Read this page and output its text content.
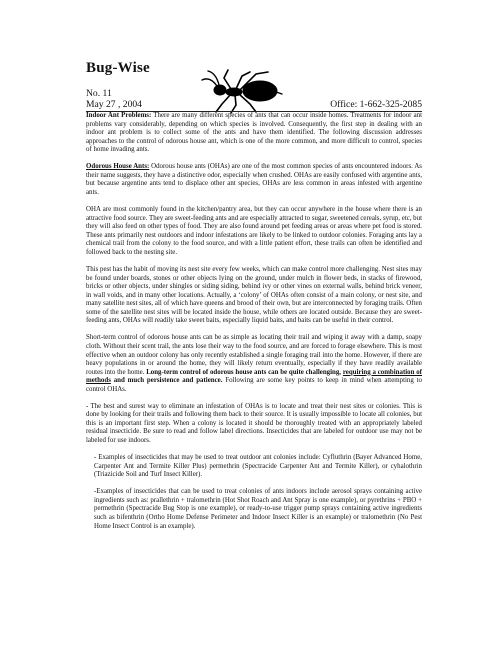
Bug-Wise
No. 11
May 27 , 2004	Office: 1-662-325-2085

Indoor Ant Problems: There are many different species of ants that can occur inside homes. Treatments for indoor ant problems vary considerably, depending on which species is involved. Consequently, the first step in dealing with an indoor ant problem is to collect some of the ants and have them identified. The following discussion addresses approaches to the control of odorous house ant, which is one of the more common, and more difficult to control, species of home invading ants.

Odorous House Ants: Odorous house ants (OHAs) are one of the most common species of ants encountered indoors. As their name suggests, they have a distinctive odor, especially when crushed. OHAs are easily confused with argentine ants, but because argentine ants tend to displace other ant species, OHAs are less common in areas infested with argentine ants.

OHA are most commonly found in the kitchen/pantry area, but they can occur anywhere in the house where there is an attractive food source. They are sweet-feeding ants and are especially attracted to sugar, sweetened cereals, syrup, etc, but they will also feed on other types of food. They are also found around pet feeding areas or areas where pet food is stored. These ants primarily nest outdoors and indoor infestations are likely to be linked to outdoor colonies. Foraging ants lay a chemical trail from the colony to the food source, and with a little patient effort, these trails can often be identified and followed back to the nesting site.

This pest has the habit of moving its nest site every few weeks, which can make control more challenging. Nest sites may be found under boards, stones or other objects lying on the ground, under mulch in flower beds, in stacks of firewood, bricks or other objects, under shingles or siding siding, behind ivy or other vines on external walls, behind brick veneer, in wall voids, and in many other locations. Actually, a ‘colony’ of OHAs often consist of a main colony, or nest site, and many satellite nest sites, all of which have queens and brood of their own, but are interconnected by foraging trails. Often some of the satellite nest sites will be located inside the house, while others are located outside. Because they are sweet-feeding ants, OHAs will readily take sweet baits, especially liquid baits, and baits can be useful in their control.

Short-term control of odorous house ants can be as simple as locating their trail and wiping it away with a damp, soapy cloth. Without their scent trail, the ants lose their way to the food source, and are forced to forage elsewhere. This is most effective when an outdoor colony has only recently established a single foraging trail into the home. However, if there are heavy populations in or around the home, they will likely return eventually, especially if they have readily available routes into the home. Long-term control of odorous house ants can be quite challenging, requiring a combination of methods and much persistence and patience. Following are some key points to keep in mind when attempting to control OHAs.

- The best and surest way to eliminate an infestation of OHAs is to locate and treat their nest sites or colonies. This is done by looking for their trails and following them back to their source. It is usually impossible to locate all colonies, but this is an important first step. When a colony is located it should be thoroughly treated with an appropriately labeled residual insecticide. Be sure to read and follow label directions. Insecticides that are labeled for outdoor use may not be labeled for use indoors.

- Examples of insecticides that may be used to treat outdoor ant colonies include: Cyfluthrin (Bayer Advanced Home, Carpenter Ant and Termite Killer Plus) permethrin (Spectracide Carpenter Ant and Termite Killer), or cyhalothrin (Triazicide Soil and Turf Insect Killer).

-Examples of insecticides that can be used to treat colonies of ants indoors include aerosol sprays containing active ingredients such as: prallethrin + tralomethrin (Hot Shot Roach and Ant Spray is one example), or pyrethrins + PBO + permethrin (Spectracide Bug Stop is one example), or ready-to-use trigger pump sprays containing active ingredients such as bifenthrin (Ortho Home Defense Perimeter and Indoor Insect Killer is an example) or tralomethrin (No Pest Home Insect Control is an example).
